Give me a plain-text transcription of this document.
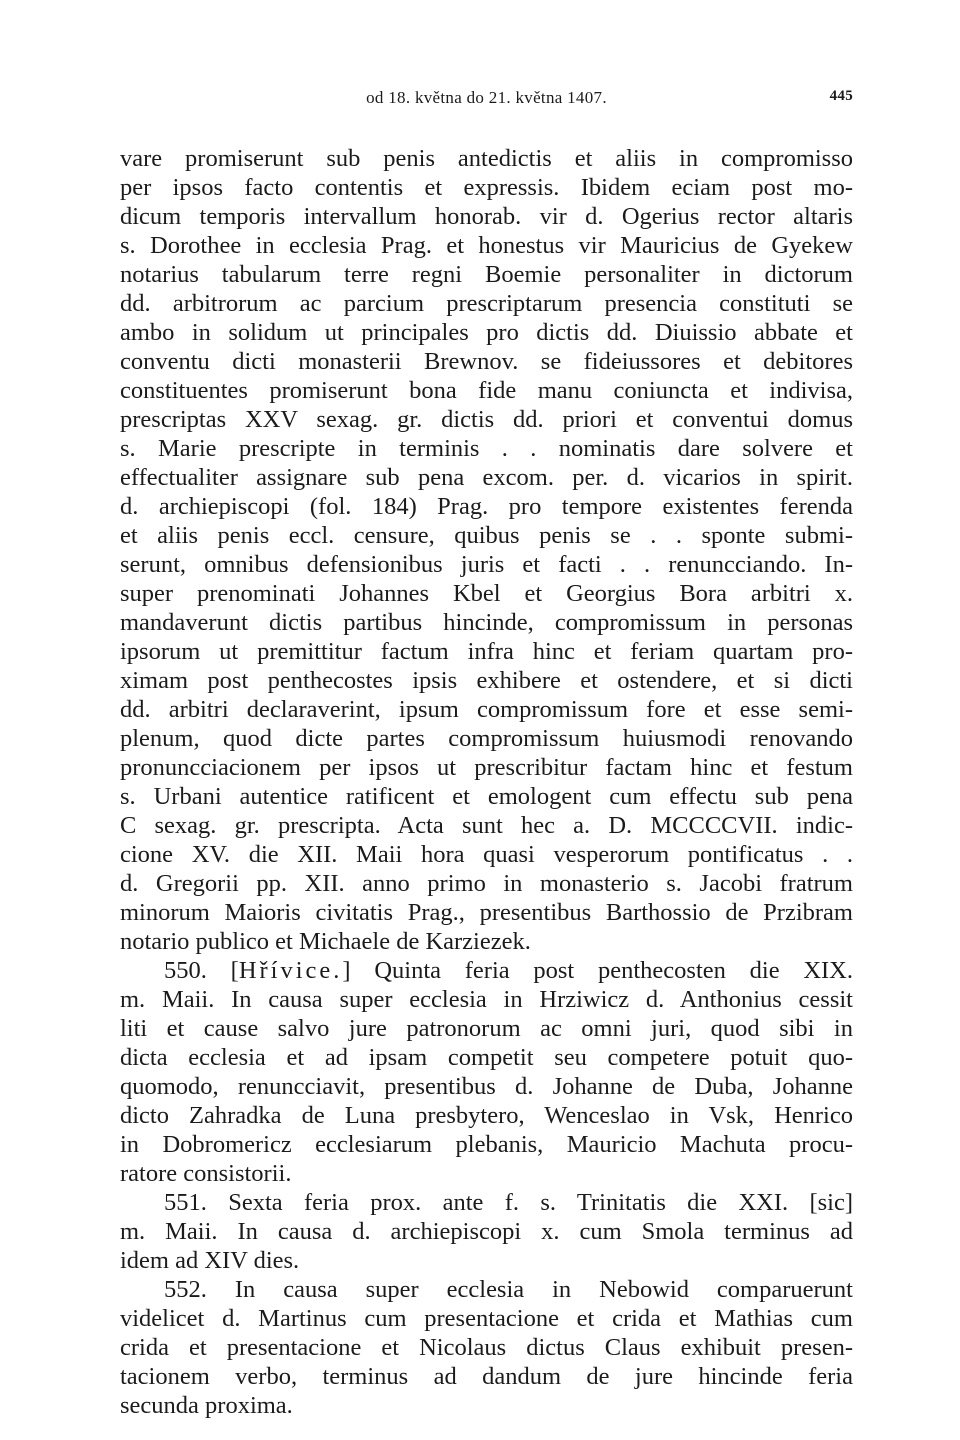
od 18. května do 21. května 1407.	445
vare promiserunt sub penis antedictis et aliis in compromisso
per ipsos facto contentis et expressis. Ibidem eciam post mo-
dicum temporis intervallum honorab. vir d. Ogerius rector altaris
s. Dorothee in ecclesia Prag. et honestus vir Mauricius de Gyekew
notarius tabularum terre regni Boemie personaliter in dictorum
dd. arbitrorum ac parcium prescriptarum presencia constituti se
ambo in solidum ut principales pro dictis dd. Diuissio abbate et
conventu dicti monasterii Brewnov. se fideiussores et debitores
constituentes promiserunt bona fide manu coniuncta et indivisa,
prescriptas XXV sexag. gr. dictis dd. priori et conventui domus
s. Marie prescripte in terminis . . nominatis dare solvere et
effectualiter assignare sub pena excom. per. d. vicarios in spirit.
d. archiepiscopi (fol. 184) Prag. pro tempore existentes ferenda
et aliis penis eccl. censure, quibus penis se . . sponte submi-
serunt, omnibus defensionibus juris et facti . . renuncciando. In-
super prenominati Johannes Kbel et Georgius Bora arbitri x.
mandaverunt dictis partibus hincinde, compromissum in personas
ipsorum ut premittitur factum infra hinc et feriam quartam pro-
ximam post penthecostes ipsis exhibere et ostendere, et si dicti
dd. arbitri declaraverint, ipsum compromissum fore et esse semi-
plenum, quod dicte partes compromissum huiusmodi renovando
pronuncciacionem per ipsos ut prescribitur factam hinc et festum
s. Urbani autentice ratificent et emologent cum effectu sub pena
C sexag. gr. prescripta. Acta sunt hec a. D. MCCCCVII. indic-
cione XV. die XII. Maii hora quasi vesperorum pontificatus . .
d. Gregorii pp. XII. anno primo in monasterio s. Jacobi fratrum
minorum Maioris civitatis Prag., presentibus Barthossio de Przibram
notario publico et Michaele de Karziezek.
550. [Hřívice.] Quinta feria post penthecosten die XIX.
m. Maii. In causa super ecclesia in Hrziwicz d. Anthonius cessit
liti et cause salvo jure patronorum ac omni juri, quod sibi in
dicta ecclesia et ad ipsam competit seu competere potuit quo-
quomodo, renuncciavit, presentibus d. Johanne de Duba, Johanne
dicto Zahradka de Luna presbytero, Wenceslao in Vsk, Henrico
in Dobromericz ecclesiarum plebanis, Mauricio Machuta procu-
ratore consistorii.
551. Sexta feria prox. ante f. s. Trinitatis die XXI. [sic]
m. Maii. In causa d. archiepiscopi x. cum Smola terminus ad
idem ad XIV dies.
552. In causa super ecclesia in Nebowid comparuerunt
videlicet d. Martinus cum presentacione et crida et Mathias cum
crida et presentacione et Nicolaus dictus Claus exhibuit presen-
tacionem verbo, terminus ad dandum de jure hincinde feria
secunda proxima.
